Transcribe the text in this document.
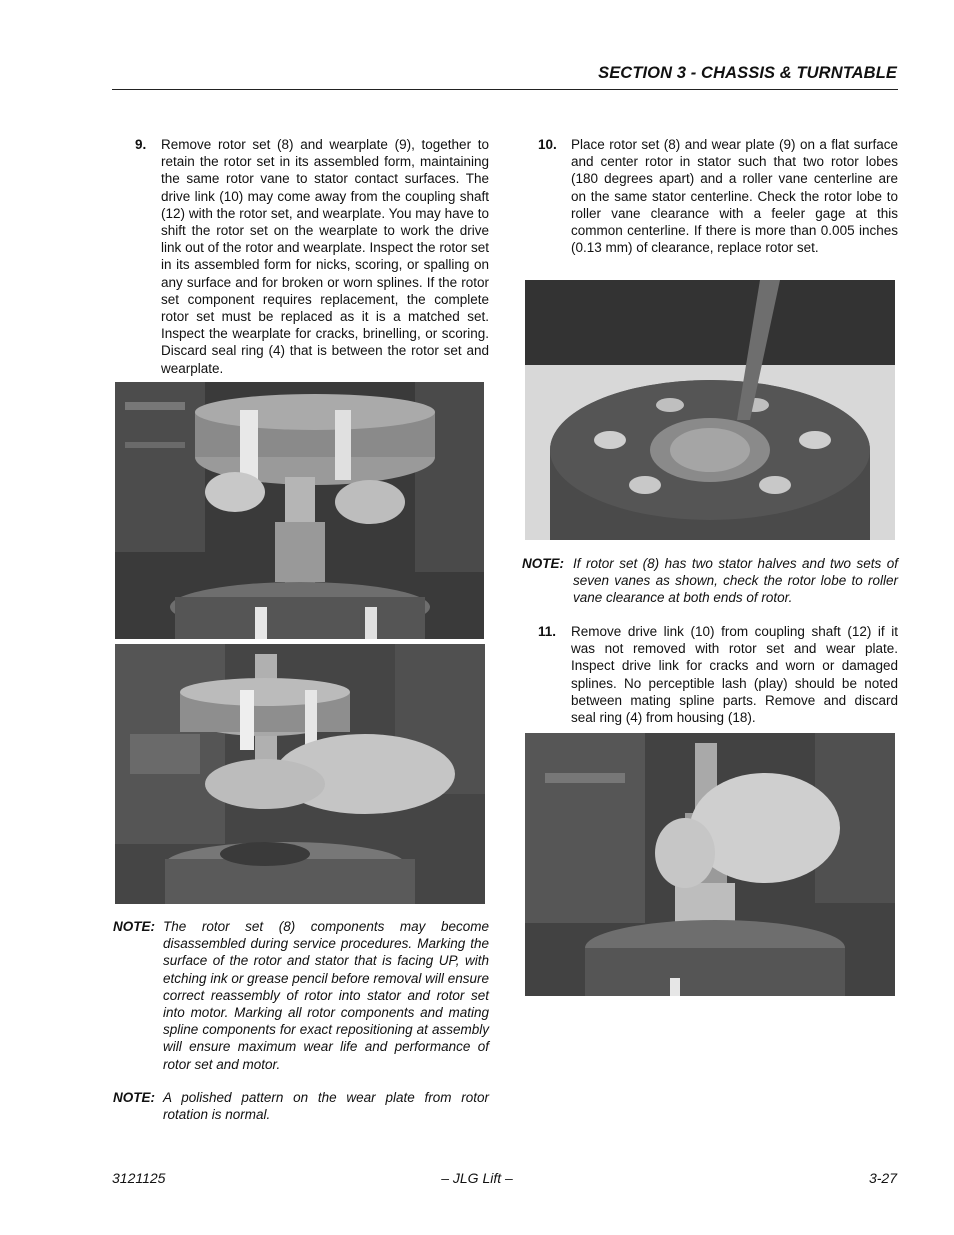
SECTION 3 - CHASSIS & TURNTABLE
9. Remove rotor set (8) and wearplate (9), together to retain the rotor set in its assembled form, maintaining the same rotor vane to stator contact surfaces. The drive link (10) may come away from the coupling shaft (12) with the rotor set, and wearplate. You may have to shift the rotor set on the wearplate to work the drive link out of the rotor and wearplate. Inspect the rotor set in its assembled form for nicks, scoring, or spalling on any surface and for broken or worn splines. If the rotor set component requires replacement, the complete rotor set must be replaced as it is a matched set. Inspect the wearplate for cracks, brinelling, or scoring. Discard seal ring (4) that is between the rotor set and wearplate.
NOTE: The rotor set (8) components may become disassembled during service procedures. Marking the surface of the rotor and stator that is facing UP, with etching ink or grease pencil before removal will ensure correct reassembly of rotor into stator and rotor set into motor. Marking all rotor components and mating spline components for exact repositioning at assembly will ensure maximum wear life and performance of rotor set and motor.
NOTE: A polished pattern on the wear plate from rotor rotation is normal.
10. Place rotor set (8) and wear plate (9) on a flat surface and center rotor in stator such that two rotor lobes (180 degrees apart) and a roller vane centerline are on the same stator centerline. Check the rotor lobe to roller vane clearance with a feeler gage at this common centerline. If there is more than 0.005 inches (0.13 mm) of clearance, replace rotor set.
NOTE: If rotor set (8) has two stator halves and two sets of seven vanes as shown, check the rotor lobe to roller vane clearance at both ends of rotor.
11. Remove drive link (10) from coupling shaft (12) if it was not removed with rotor set and wear plate. Inspect drive link for cracks and worn or damaged splines. No perceptible lash (play) should be noted between mating spline parts. Remove and discard seal ring (4) from housing (18).
3121125	– JLG Lift –	3-27
